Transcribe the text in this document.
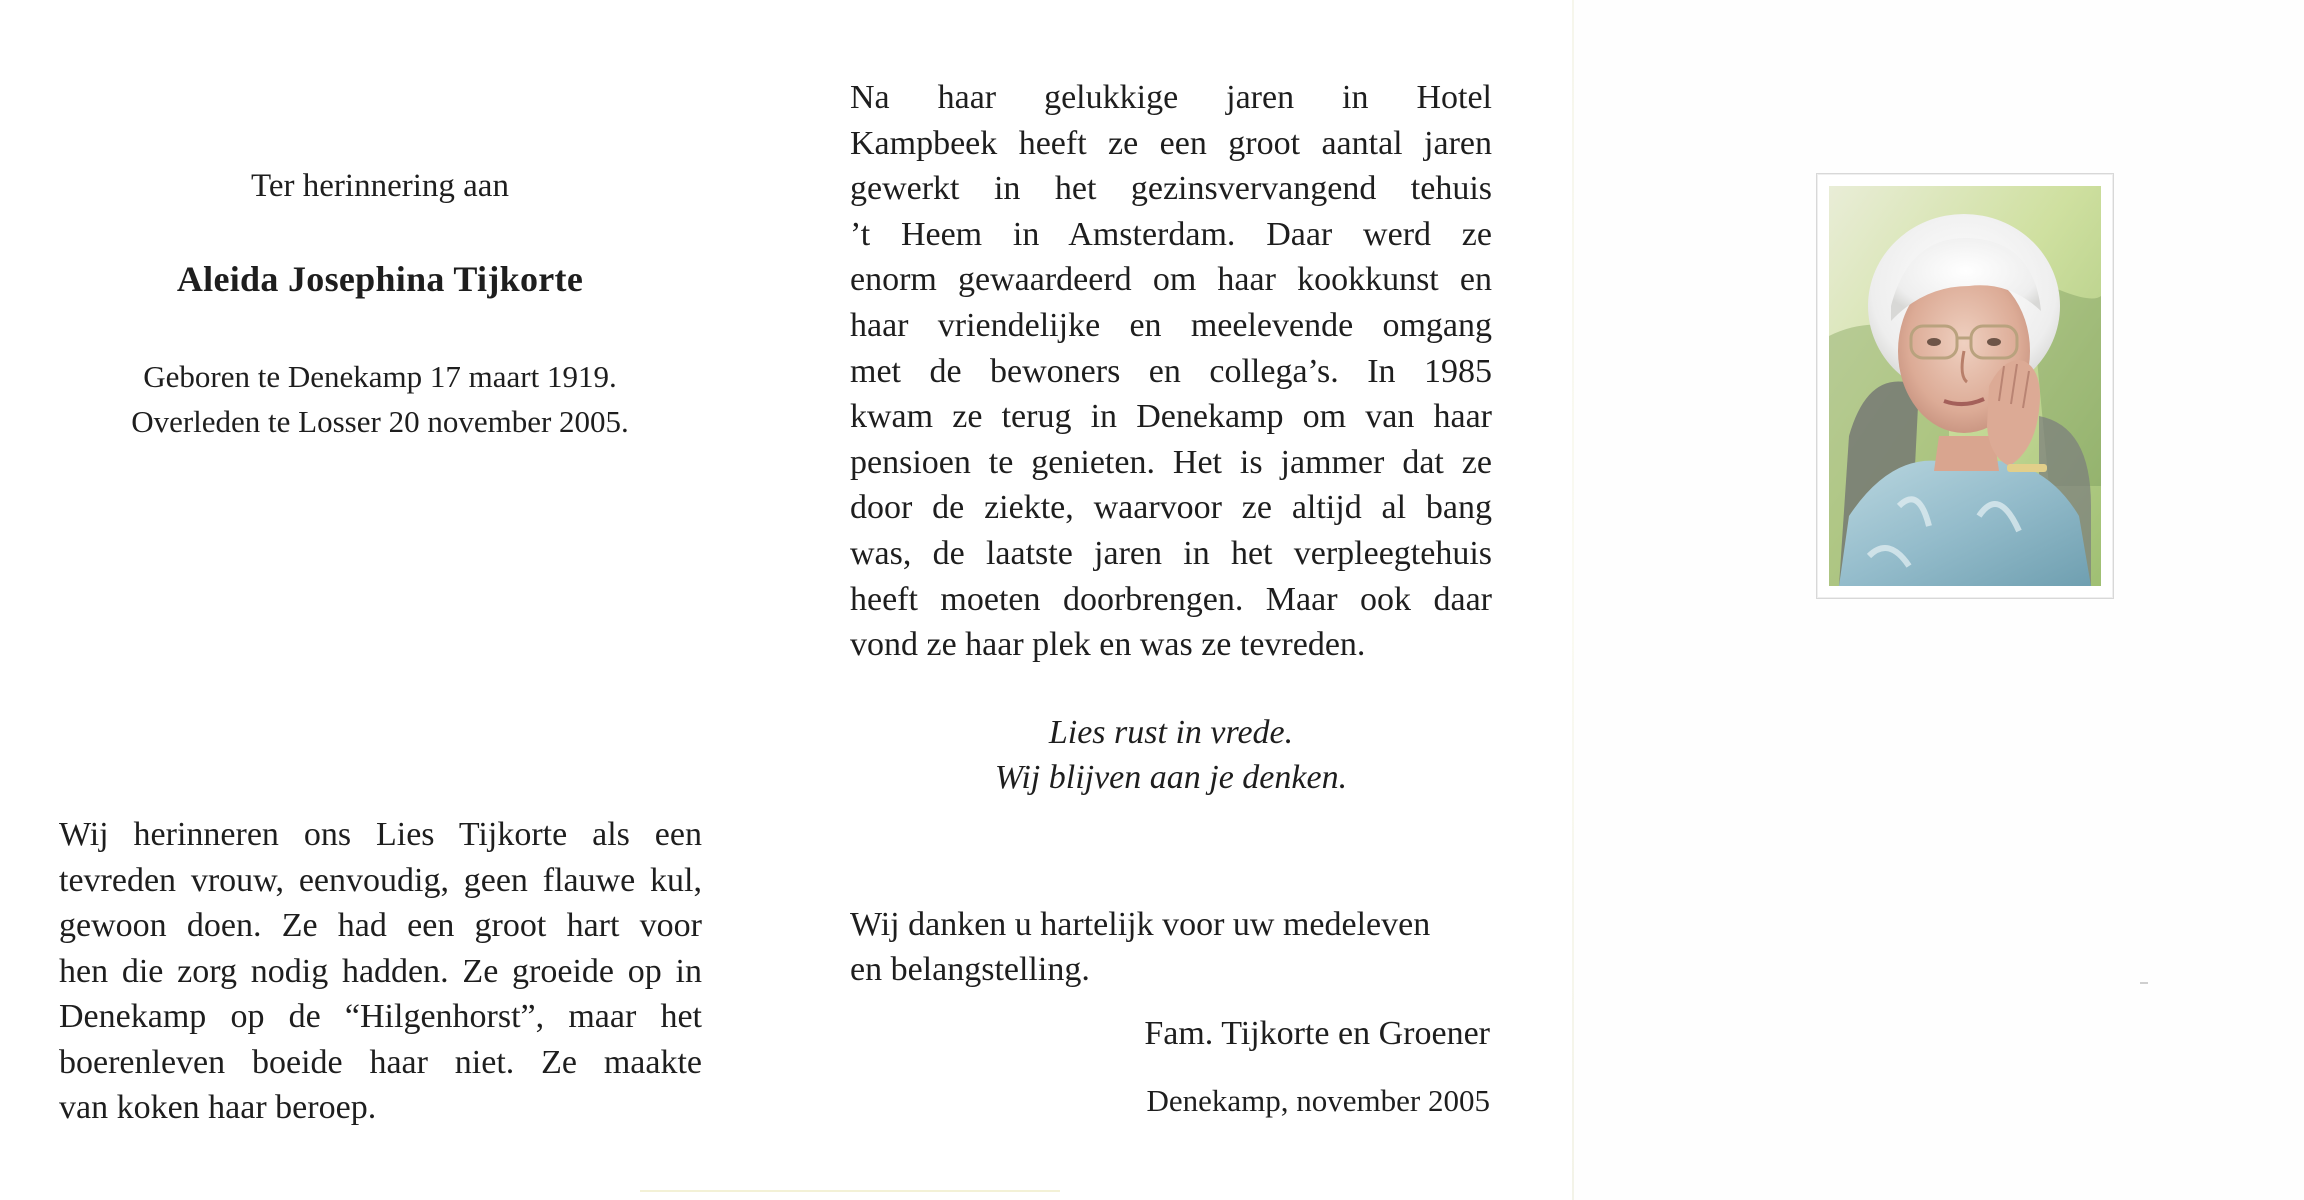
Ter herinnering aan
Aleida Josephina Tijkorte
Geboren te Denekamp 17 maart 1919.
Overleden te Losser 20 november 2005.
Wij herinneren ons Lies Tijkorte als een
tevreden vrouw, eenvoudig, geen flauwe kul,
gewoon doen. Ze had een groot hart voor
hen die zorg nodig hadden. Ze groeide op in
Denekamp op de “Hilgenhorst”, maar het
boerenleven boeide haar niet. Ze maakte
van koken haar beroep.
Na haar gelukkige jaren in Hotel
Kampbeek heeft ze een groot aantal jaren
gewerkt in het gezinsvervangend tehuis
’t Heem in Amsterdam. Daar werd ze
enorm gewaardeerd om haar kookkunst en
haar vriendelijke en meelevende omgang
met de bewoners en collega’s. In 1985
kwam ze terug in Denekamp om van haar
pensioen te genieten. Het is jammer dat ze
door de ziekte, waarvoor ze altijd al bang
was, de laatste jaren in het verpleegtehuis
heeft moeten doorbrengen. Maar ook daar
vond ze haar plek en was ze tevreden.
Lies rust in vrede.
Wij blijven aan je denken.
Wij danken u hartelijk voor uw medeleven
en belangstelling.
Fam. Tijkorte en Groener
Denekamp, november 2005
